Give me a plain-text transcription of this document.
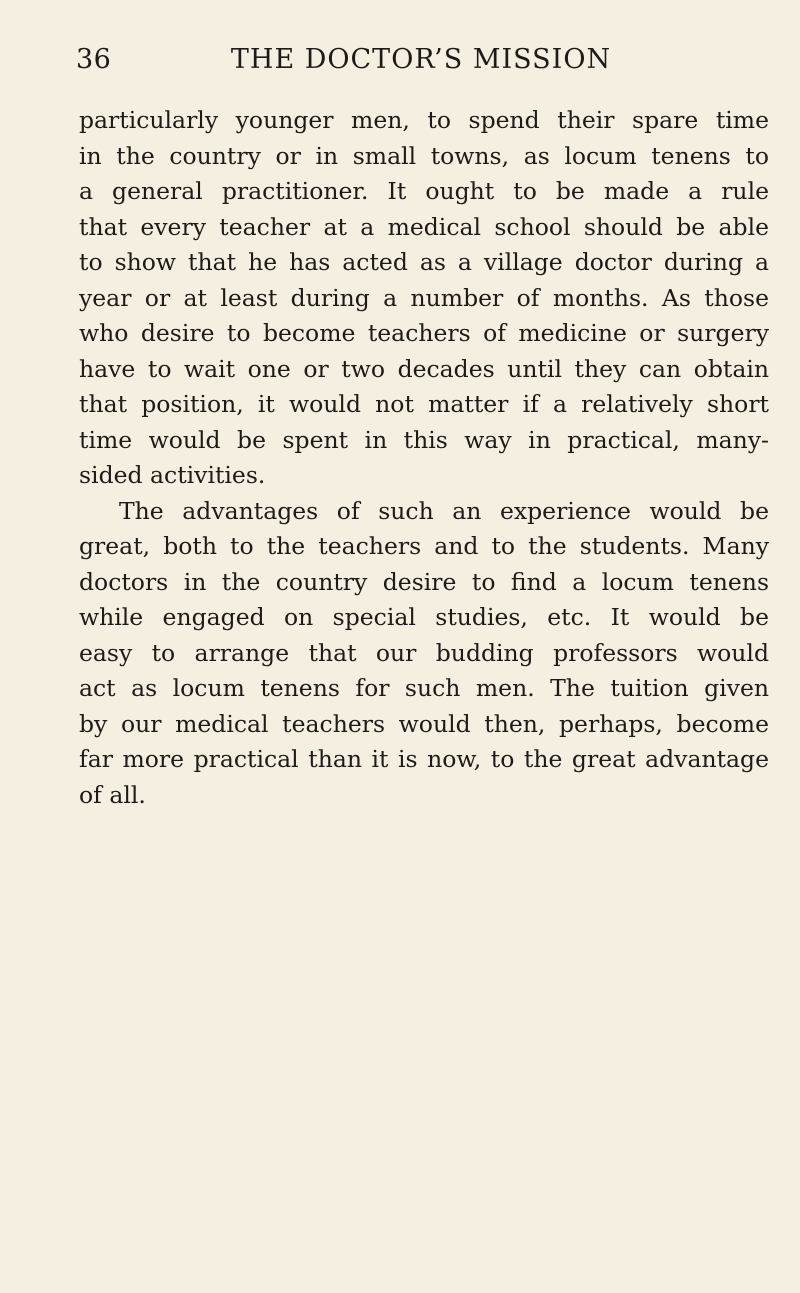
36	THE DOCTOR’S MISSION
particularly younger men, to spend their spare time
in the country or in small towns, as locum tenens to
a general practitioner. It ought to be made a rule
that every teacher at a medical school should be able
to show that he has acted as a village doctor during a
year or at least during a number of months. As those
who desire to become teachers of medicine or surgery
have to wait one or two decades until they can obtain
that position, it would not matter if a relatively short
time would be spent in this way in practical, many-
sided activities.
The advantages of such an experience would be
great, both to the teachers and to the students. Many
doctors in the country desire to find a locum tenens
while engaged on special studies, etc. It would be
easy to arrange that our budding professors would
act as locum tenens for such men. The tuition given
by our medical teachers would then, perhaps, become
far more practical than it is now, to the great advantage
of all.
